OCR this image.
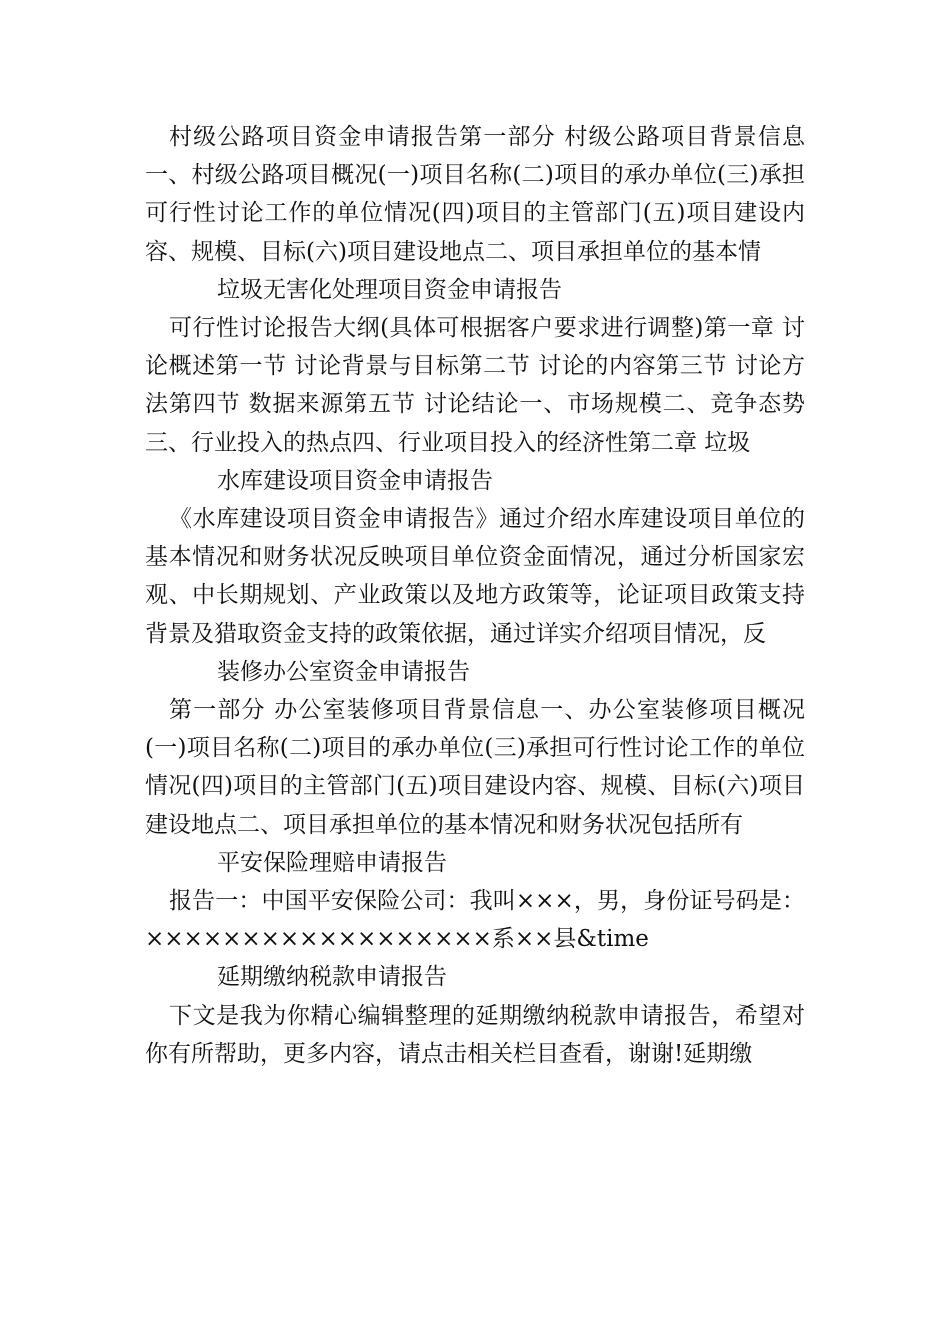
村级公路项目资金申请报告第一部分 村级公路项目背景信息一、村级公路项目概况(一)项目名称(二)项目的承办单位(三)承担可行性讨论工作的单位情况(四)项目的主管部门(五)项目建设内容、规模、目标(六)项目建设地点二、项目承担单位的基本情

垃圾无害化处理项目资金申请报告

可行性讨论报告大纲(具体可根据客户要求进行调整)第一章 讨论概述第一节 讨论背景与目标第二节 讨论的内容第三节 讨论方法第四节 数据来源第五节 讨论结论一、市场规模二、竞争态势三、行业投入的热点四、行业项目投入的经济性第二章 垃圾

水库建设项目资金申请报告

《水库建设项目资金申请报告》通过介绍水库建设项目单位的基本情况和财务状况反映项目单位资金面情况，通过分析国家宏观、中长期规划、产业政策以及地方政策等，论证项目政策支持背景及猎取资金支持的政策依据，通过详实介绍项目情况，反

装修办公室资金申请报告

第一部分 办公室装修项目背景信息一、办公室装修项目概况(一)项目名称(二)项目的承办单位(三)承担可行性讨论工作的单位情况(四)项目的主管部门(五)项目建设内容、规模、目标(六)项目建设地点二、项目承担单位的基本情况和财务状况包括所有

平安保险理赔申请报告

报告一：中国平安保险公司：我叫×××，男，身份证号码是：××××××××××××××××××系××县&time

延期缴纳税款申请报告

下文是我为你精心编辑整理的延期缴纳税款申请报告，希望对你有所帮助，更多内容，请点击相关栏目查看，谢谢!延期缴
